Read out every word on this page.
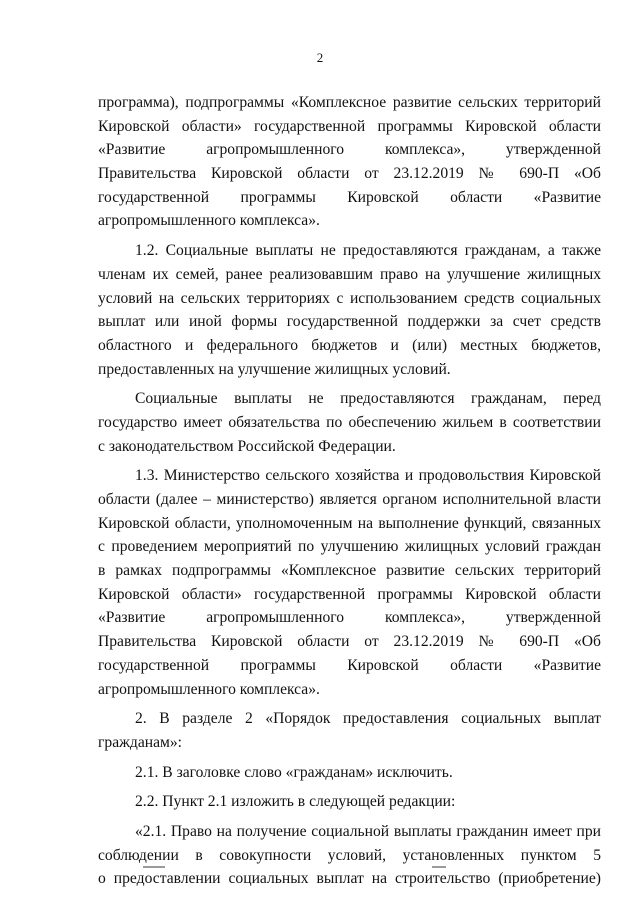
2
программа), подпрограммы «Комплексное развитие сельских территорий
Кировской области» государственной программы Кировской области
«Развитие агропромышленного комплекса», утвержденной
Правительства Кировской области от 23.12.2019 № 690-П «Об
государственной программы Кировской области «Развитие
агропромышленного комплекса».
1.2. Социальные выплаты не предоставляются гражданам, а также
членам их семей, ранее реализовавшим право на улучшение жилищных
условий на сельских территориях с использованием средств социальных
выплат или иной формы государственной поддержки за счет средств
областного и федерального бюджетов и (или) местных бюджетов,
предоставленных на улучшение жилищных условий.
Социальные выплаты не предоставляются гражданам, перед
государство имеет обязательства по обеспечению жильем в соответствии
с законодательством Российской Федерации.
1.3. Министерство сельского хозяйства и продовольствия Кировской
области (далее – министерство) является органом исполнительной власти
Кировской области, уполномоченным на выполнение функций, связанных
с проведением мероприятий по улучшению жилищных условий граждан
в рамках подпрограммы «Комплексное развитие сельских территорий
Кировской области» государственной программы Кировской области
«Развитие агропромышленного комплекса», утвержденной
Правительства Кировской области от 23.12.2019 № 690-П «Об
государственной программы Кировской области «Развитие
агропромышленного комплекса».
2. В разделе 2 «Порядок предоставления социальных выплат
гражданам»:
2.1. В заголовке слово «гражданам» исключить.
2.2. Пункт 2.1 изложить в следующей редакции:
«2.1. Право на получение социальной выплаты гражданин имеет при
соблюдении в совокупности условий, установленных пунктом 5
о предоставлении социальных выплат на строительство (приобретение)
